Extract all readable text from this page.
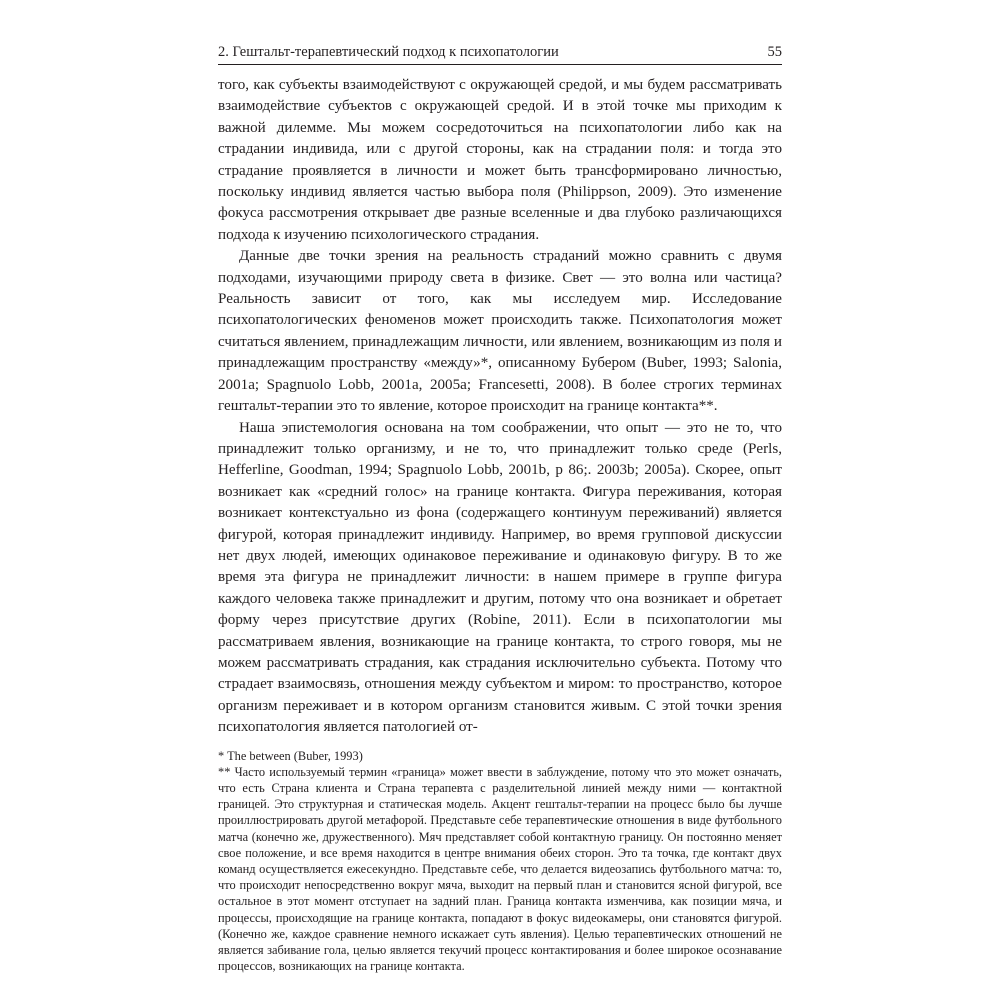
2. Гештальт-терапевтический подход к психопатологии	55

того, как субъекты взаимодействуют с окружающей средой, и мы будем рассматривать взаимодействие субъектов с окружающей средой. И в этой точке мы приходим к важной дилемме. Мы можем сосредоточиться на психопатологии либо как на страдании индивида, или с другой стороны, как на страдании поля: и тогда это страдание проявляется в личности и может быть трансформировано личностью, поскольку индивид является частью выбора поля (Philippson, 2009). Это изменение фокуса рассмотрения открывает две разные вселенные и два глубоко различающихся подхода к изучению психологического страдания.

Данные две точки зрения на реальность страданий можно сравнить с двумя подходами, изучающими природу света в физике. Свет — это волна или частица? Реальность зависит от того, как мы исследуем мир. Исследование психопатологических феноменов может происходить также. Психопатология может считаться явлением, принадлежащим личности, или явлением, возникающим из поля и принадлежащим пространству «между»*, описанному Бубером (Buber, 1993; Salonia, 2001a; Spagnuolo Lobb, 2001a, 2005a; Francesetti, 2008). В более строгих терминах гештальт-терапии это то явление, которое происходит на границе контакта**.

Наша эпистемология основана на том соображении, что опыт — это не то, что принадлежит только организму, и не то, что принадлежит только среде (Perls, Hefferline, Goodman, 1994; Spagnuolo Lobb, 2001b, p 86;. 2003b; 2005a). Скорее, опыт возникает как «средний голос» на границе контакта. Фигура переживания, которая возникает контекстуально из фона (содержащего континуум переживаний) является фигурой, которая принадлежит индивиду. Например, во время групповой дискуссии нет двух людей, имеющих одинаковое переживание и одинаковую фигуру. В то же время эта фигура не принадлежит личности: в нашем примере в группе фигура каждого человека также принадлежит и другим, потому что она возникает и обретает форму через присутствие других (Robine, 2011). Если в психопатологии мы рассматриваем явления, возникающие на границе контакта, то строго говоря, мы не можем рассматривать страдания, как страдания исключительно субъекта. Потому что страдает взаимосвязь, отношения между субъектом и миром: то пространство, которое организм переживает и в котором организм становится живым. С этой точки зрения психопатология является патологией от-

* The between (Buber, 1993)

** Часто используемый термин «граница» может ввести в заблуждение, потому что это может означать, что есть Страна клиента и Страна терапевта с разделительной линией между ними — контактной границей. Это структурная и статическая модель. Акцент гештальт-терапии на процесс было бы лучше проиллюстрировать другой метафорой. Представьте себе терапевтические отношения в виде футбольного матча (конечно же, дружественного). Мяч представляет собой контактную границу. Он постоянно меняет свое положение, и все время находится в центре внимания обеих сторон. Это та точка, где контакт двух команд осуществляется ежесекундно. Представьте себе, что делается видеозапись футбольного матча: то, что происходит непосредственно вокруг мяча, выходит на первый план и становится ясной фигурой, все остальное в этот момент отступает на задний план. Граница контакта изменчива, как позиции мяча, и процессы, происходящие на границе контакта, попадают в фокус видеокамеры, они становятся фигурой. (Конечно же, каждое сравнение немного искажает суть явления). Целью терапевтических отношений не является забивание гола, целью является текучий процесс контактирования и более широкое осознавание процессов, возникающих на границе контакта.
